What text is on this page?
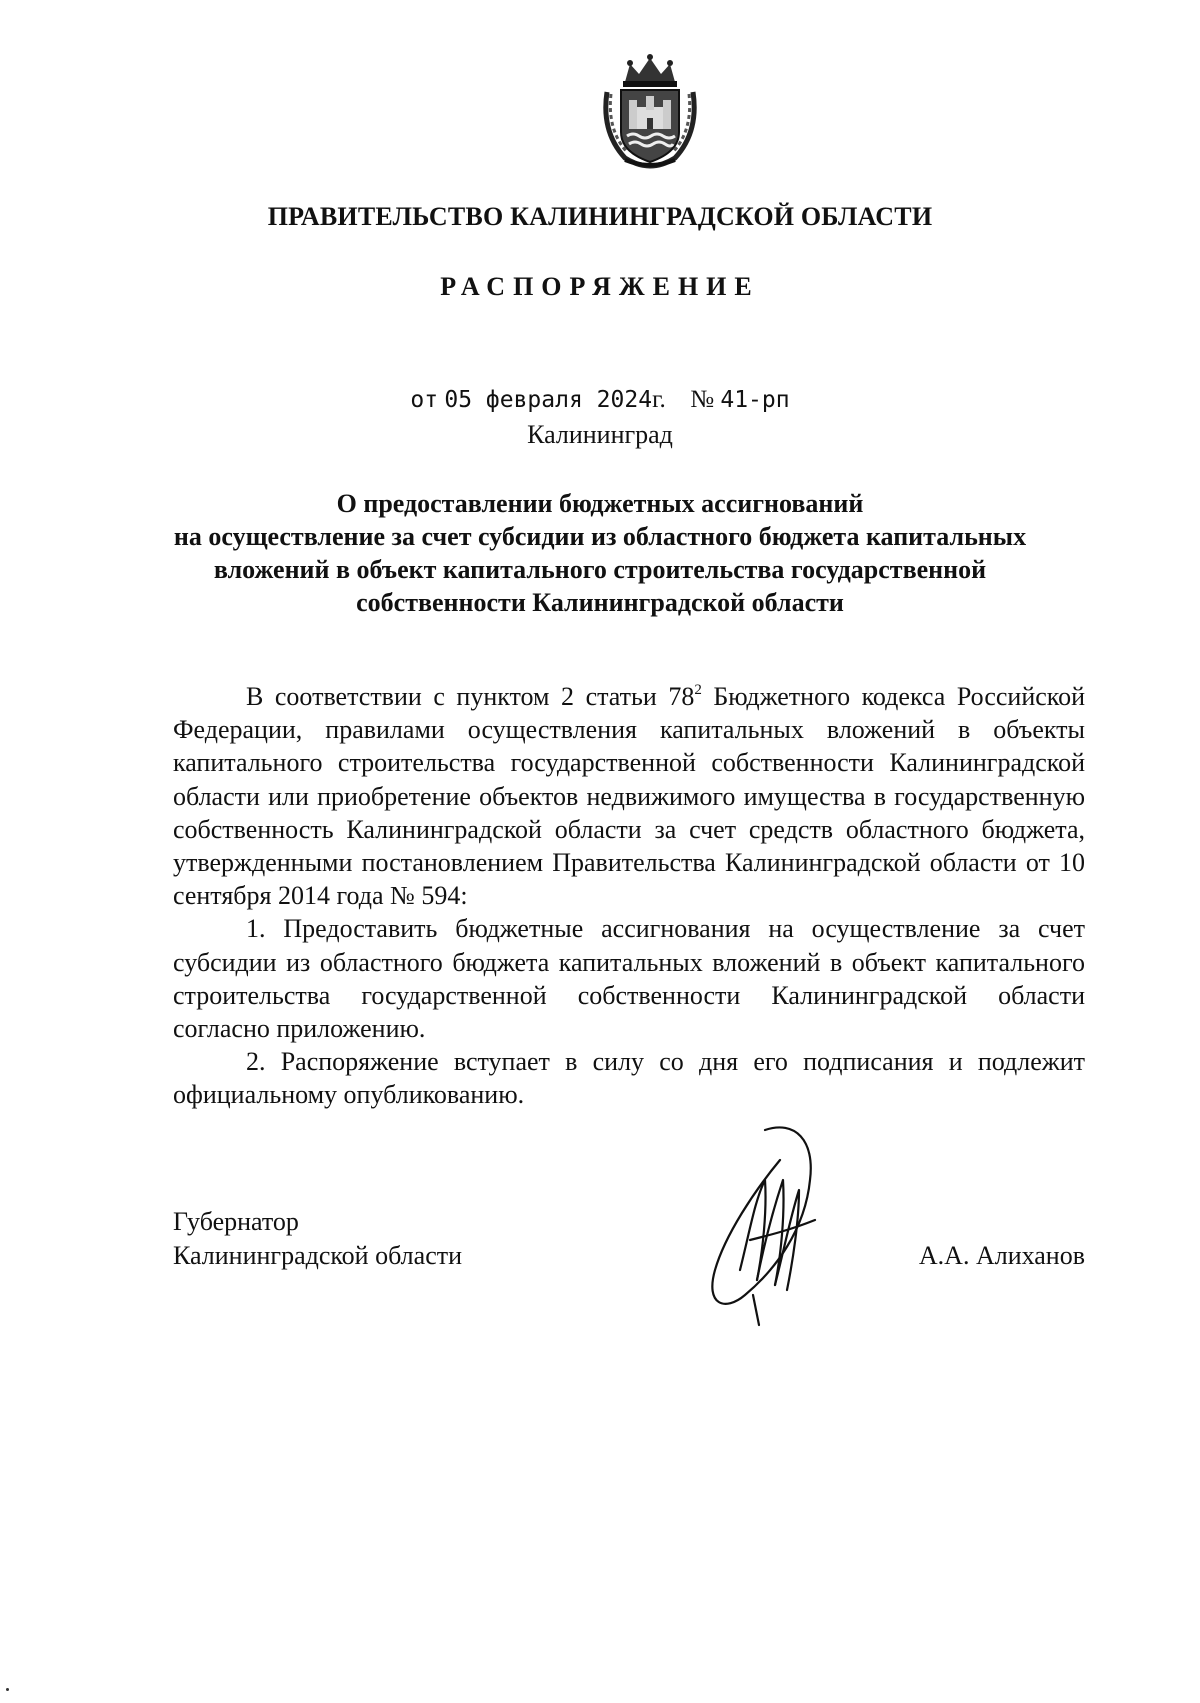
ПРАВИТЕЛЬСТВО КАЛИНИНГРАДСКОЙ ОБЛАСТИ
РАСПОРЯЖЕНИЕ
от 05 февраля 2024г. № 41-рп
Калининград
О предоставлении бюджетных ассигнований
на осуществление за счет субсидии из областного бюджета капитальных
вложений в объект капитального строительства государственной
собственности Калининградской области

В соответствии с пунктом 2 статьи $78^2$ Бюджетного кодекса Российской Федерации, правилами осуществления капитальных вложений в объекты капитального строительства государственной собственности Калининградской области или приобретение объектов недвижимого имущества в государственную собственность Калининградской области за счет средств областного бюджета, утвержденными постановлением Правительства Калининградской области от 10 сентября 2014 года № 594:

1. Предоставить бюджетные ассигнования на осуществление за счет субсидии из областного бюджета капитальных вложений в объект капитального строительства государственной собственности Калининградской области согласно приложению.

2. Распоряжение вступает в силу со дня его подписания и подлежит официальному опубликованию.

Губернатор
Калининградской области	А.А. Алиханов
